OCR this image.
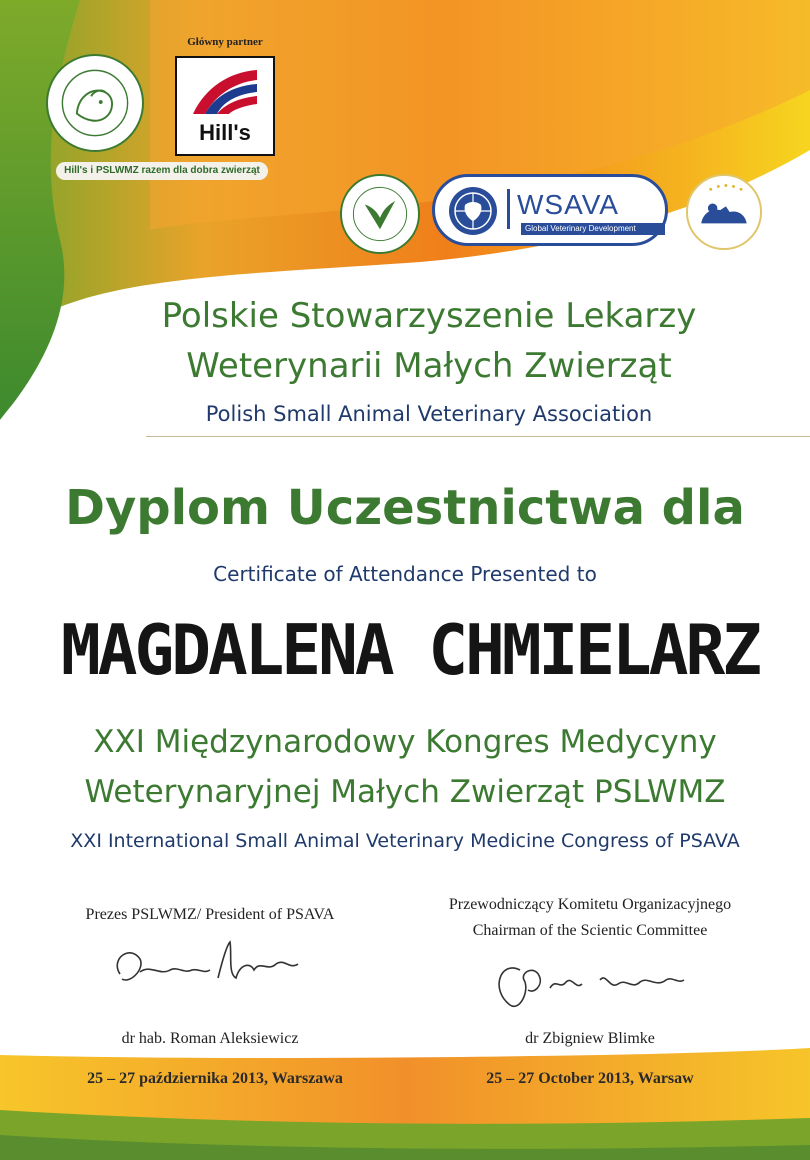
Główny partner
Hill's
Hill's i PSLWMZ razem dla dobra zwierząt
WSAVA
Global Veterinary Development
Polskie Stowarzyszenie Lekarzy
Weterynarii Małych Zwierząt
Polish Small Animal Veterinary Association
Dyplom Uczestnictwa dla
Certificate of Attendance Presented to
MAGDALENA CHMIELARZ
XXI Międzynarodowy Kongres Medycyny
Weterynaryjnej Małych Zwierząt PSLWMZ
XXI International Small Animal Veterinary Medicine Congress of PSAVA
Prezes PSLWMZ/ President of PSAVA
dr hab. Roman Aleksiewicz
25 – 27 października 2013, Warszawa
Przewodniczący Komitetu Organizacyjnego
Chairman of the Scientic Committee
dr Zbigniew Blimke
25 – 27 October 2013, Warsaw
